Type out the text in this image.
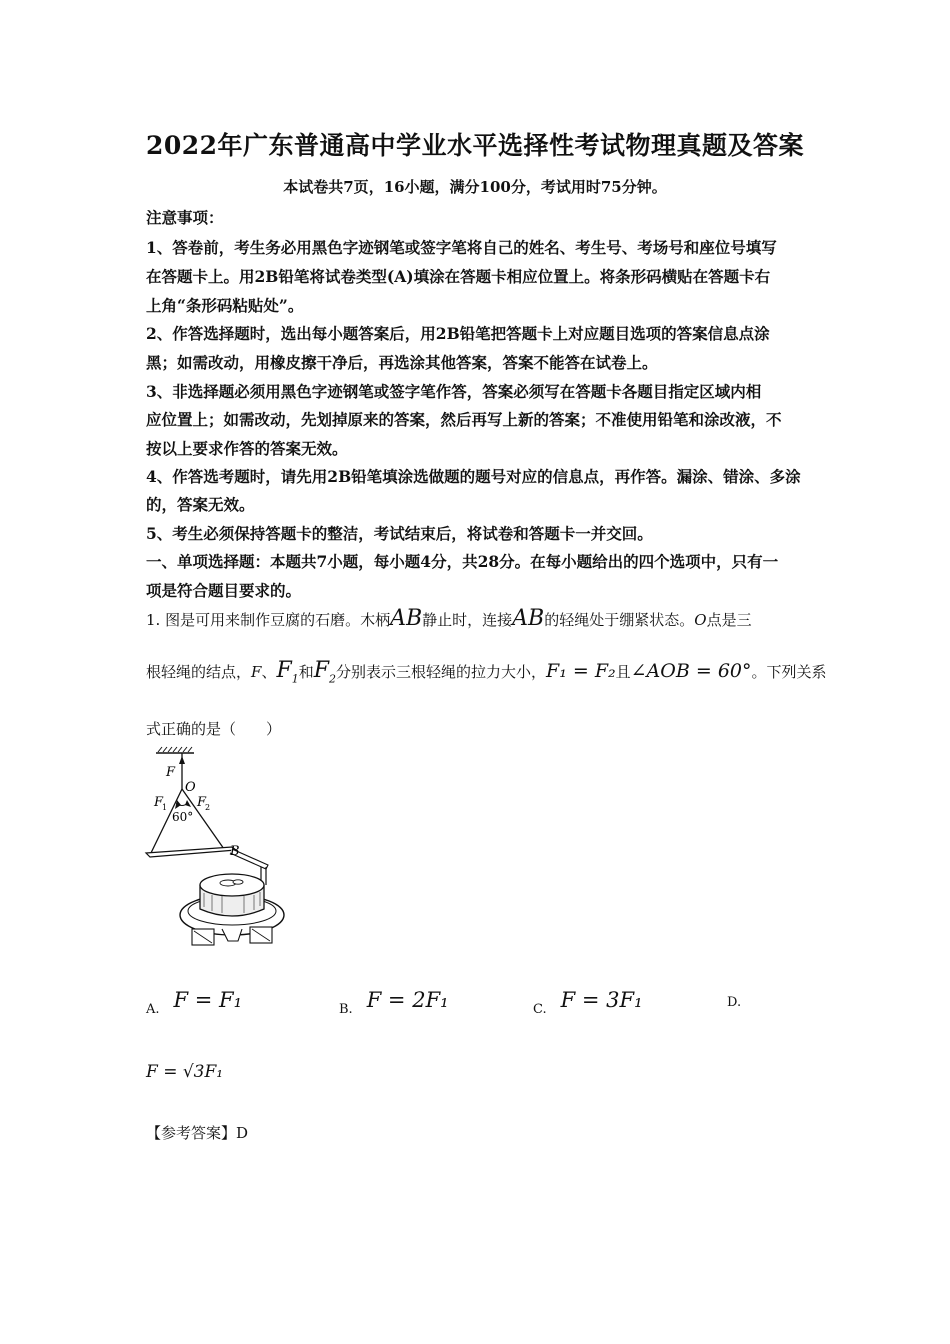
2022年广东普通高中学业水平选择性考试物理真题及答案
本试卷共7页，16小题，满分100分，考试用时75分钟。
注意事项：
1、答卷前，考生务必用黑色字迹钢笔或签字笔将自己的姓名、考生号、考场号和座位号填写
在答题卡上。用2B铅笔将试卷类型(A)填涂在答题卡相应位置上。将条形码横贴在答题卡右
上角“条形码粘贴处”。
2、作答选择题时，选出每小题答案后，用2B铅笔把答题卡上对应题目选项的答案信息点涂
黑；如需改动，用橡皮擦干净后，再选涂其他答案，答案不能答在试卷上。
3、非选择题必须用黑色字迹钢笔或签字笔作答，答案必须写在答题卡各题目指定区域内相
应位置上；如需改动，先划掉原来的答案，然后再写上新的答案；不准使用铅笔和涂改液，不
按以上要求作答的答案无效。
4、作答选考题时，请先用2B铅笔填涂选做题的题号对应的信息点，再作答。漏涂、错涂、多涂
的，答案无效。
5、考生必须保持答题卡的整洁，考试结束后，将试卷和答题卡一并交回。
一、单项选择题：本题共7小题，每小题4分，共28分。在每小题给出的四个选项中，只有一
项是符合题目要求的。
1. 图是可用来制作豆腐的石磨。木柄AB静止时，连接AB的轻绳处于绷紧状态。O点是三
根轻绳的结点，F、$F_1$和$F_2$分别表示三根轻绳的拉力大小，F₁ = F₂且∠AOB = 60°。下列关系
式正确的是（　　）
F
O
F
1 F
2
60°
B
A. F = F₁	B. F = 2F₁	C. F = 3F₁	D.
F = √3F₁
【参考答案】D
